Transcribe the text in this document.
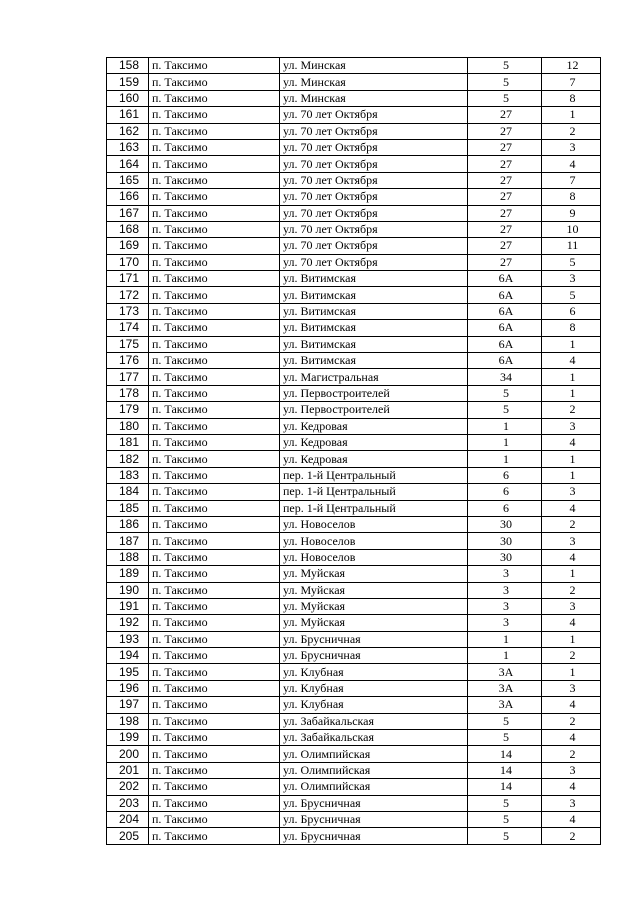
158	п. Таксимо	ул. Минская	5	12
159	п. Таксимо	ул. Минская	5	7
160	п. Таксимо	ул. Минская	5	8
161	п. Таксимо	ул. 70 лет Октября	27	1
162	п. Таксимо	ул. 70 лет Октября	27	2
163	п. Таксимо	ул. 70 лет Октября	27	3
164	п. Таксимо	ул. 70 лет Октября	27	4
165	п. Таксимо	ул. 70 лет Октября	27	7
166	п. Таксимо	ул. 70 лет Октября	27	8
167	п. Таксимо	ул. 70 лет Октября	27	9
168	п. Таксимо	ул. 70 лет Октября	27	10
169	п. Таксимо	ул. 70 лет Октября	27	11
170	п. Таксимо	ул. 70 лет Октября	27	5
171	п. Таксимо	ул. Витимская	6А	3
172	п. Таксимо	ул. Витимская	6А	5
173	п. Таксимо	ул. Витимская	6А	6
174	п. Таксимо	ул. Витимская	6А	8
175	п. Таксимо	ул. Витимская	6А	1
176	п. Таксимо	ул. Витимская	6А	4
177	п. Таксимо	ул. Магистральная	34	1
178	п. Таксимо	ул. Первостроителей	5	1
179	п. Таксимо	ул. Первостроителей	5	2
180	п. Таксимо	ул. Кедровая	1	3
181	п. Таксимо	ул. Кедровая	1	4
182	п. Таксимо	ул. Кедровая	1	1
183	п. Таксимо	пер. 1-й Центральный	6	1
184	п. Таксимо	пер. 1-й Центральный	6	3
185	п. Таксимо	пер. 1-й Центральный	6	4
186	п. Таксимо	ул. Новоселов	30	2
187	п. Таксимо	ул. Новоселов	30	3
188	п. Таксимо	ул. Новоселов	30	4
189	п. Таксимо	ул. Муйская	3	1
190	п. Таксимо	ул. Муйская	3	2
191	п. Таксимо	ул. Муйская	3	3
192	п. Таксимо	ул. Муйская	3	4
193	п. Таксимо	ул. Брусничная	1	1
194	п. Таксимо	ул. Брусничная	1	2
195	п. Таксимо	ул. Клубная	3А	1
196	п. Таксимо	ул. Клубная	3А	3
197	п. Таксимо	ул. Клубная	3А	4
198	п. Таксимо	ул. Забайкальская	5	2
199	п. Таксимо	ул. Забайкальская	5	4
200	п. Таксимо	ул. Олимпийская	14	2
201	п. Таксимо	ул. Олимпийская	14	3
202	п. Таксимо	ул. Олимпийская	14	4
203	п. Таксимо	ул. Брусничная	5	3
204	п. Таксимо	ул. Брусничная	5	4
205	п. Таксимо	ул. Брусничная	5	2
